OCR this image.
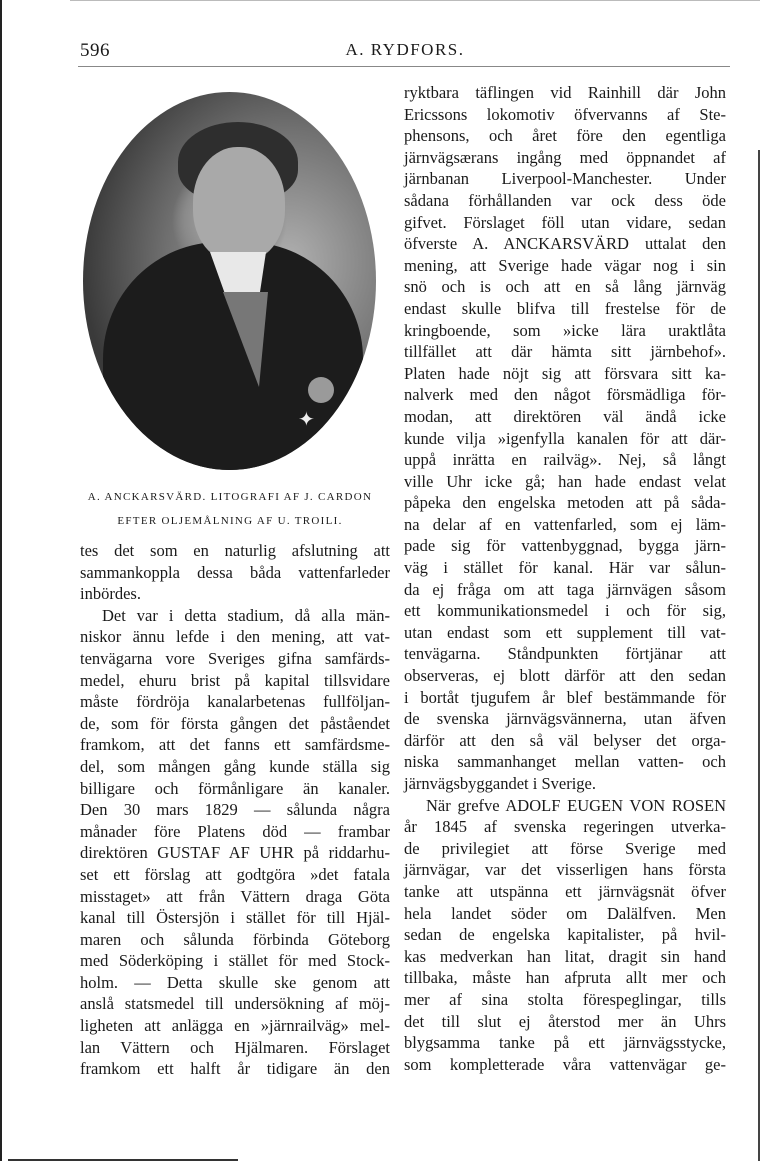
596	A. RYDFORS.
✦
A. ANCKARSVÄRD. LITOGRAFI AF J. CARDON
EFTER OLJEMÅLNING AF U. TROILI.
tes det som en naturlig afslutning att
sammankoppla dessa båda vattenfarleder
inbördes.
Det var i detta stadium, då alla män-
niskor ännu lefde i den mening, att vat-
tenvägarna vore Sveriges gifna samfärds-
medel, ehuru brist på kapital tillsvidare
måste fördröja kanalarbetenas fullföljan-
de, som för första gången det påståendet
framkom, att det fanns ett samfärdsme-
del, som mången gång kunde ställa sig
billigare och förmånligare än kanaler.
Den 30 mars 1829 — sålunda några
månader före Platens död — frambar
direktören GUSTAF AF UHR på riddarhu-
set ett förslag att godtgöra »det fatala
misstaget» att från Vättern draga Göta
kanal till Östersjön i stället för till Hjäl-
maren och sålunda förbinda Göteborg
med Söderköping i stället för med Stock-
holm. — Detta skulle ske genom att
anslå statsmedel till undersökning af möj-
ligheten att anlägga en »järnrailväg» mel-
lan Vättern och Hjälmaren. Förslaget
framkom ett halft år tidigare än den
ryktbara täflingen vid Rainhill där John
Ericssons lokomotiv öfvervanns af Ste-
phensons, och året före den egentliga
järnvägsærans ingång med öppnandet af
järnbanan Liverpool-Manchester. Under
sådana förhållanden var ock dess öde
gifvet. Förslaget föll utan vidare, sedan
öfverste A. ANCKARSVÄRD uttalat den
mening, att Sverige hade vägar nog i sin
snö och is och att en så lång järnväg
endast skulle blifva till frestelse för de
kringboende, som »icke lära uraktlåta
tillfället att där hämta sitt järnbehof».
Platen hade nöjt sig att försvara sitt ka-
nalverk med den något försmädliga för-
modan, att direktören väl ändå icke
kunde vilja »igenfylla kanalen för att där-
uppå inrätta en railväg». Nej, så långt
ville Uhr icke gå; han hade endast velat
påpeka den engelska metoden att på såda-
na delar af en vattenfarled, som ej läm-
pade sig för vattenbyggnad, bygga järn-
väg i stället för kanal. Här var sålun-
da ej fråga om att taga järnvägen såsom
ett kommunikationsmedel i och för sig,
utan endast som ett supplement till vat-
tenvägarna. Ståndpunkten förtjänar att
observeras, ej blott därför att den sedan
i bortåt tjugufem år blef bestämmande för
de svenska järnvägsvännerna, utan äfven
därför att den så väl belyser det orga-
niska sammanhanget mellan vatten- och
järnvägsbyggandet i Sverige.
När grefve ADOLF EUGEN VON ROSEN
år 1845 af svenska regeringen utverka-
de privilegiet att förse Sverige med
järnvägar, var det visserligen hans första
tanke att utspänna ett järnvägsnät öfver
hela landet söder om Dalälfven. Men
sedan de engelska kapitalister, på hvil-
kas medverkan han litat, dragit sin hand
tillbaka, måste han afpruta allt mer och
mer af sina stolta förespeglingar, tills
det till slut ej återstod mer än Uhrs
blygsamma tanke på ett järnvägsstycke,
som kompletterade våra vattenvägar ge-
